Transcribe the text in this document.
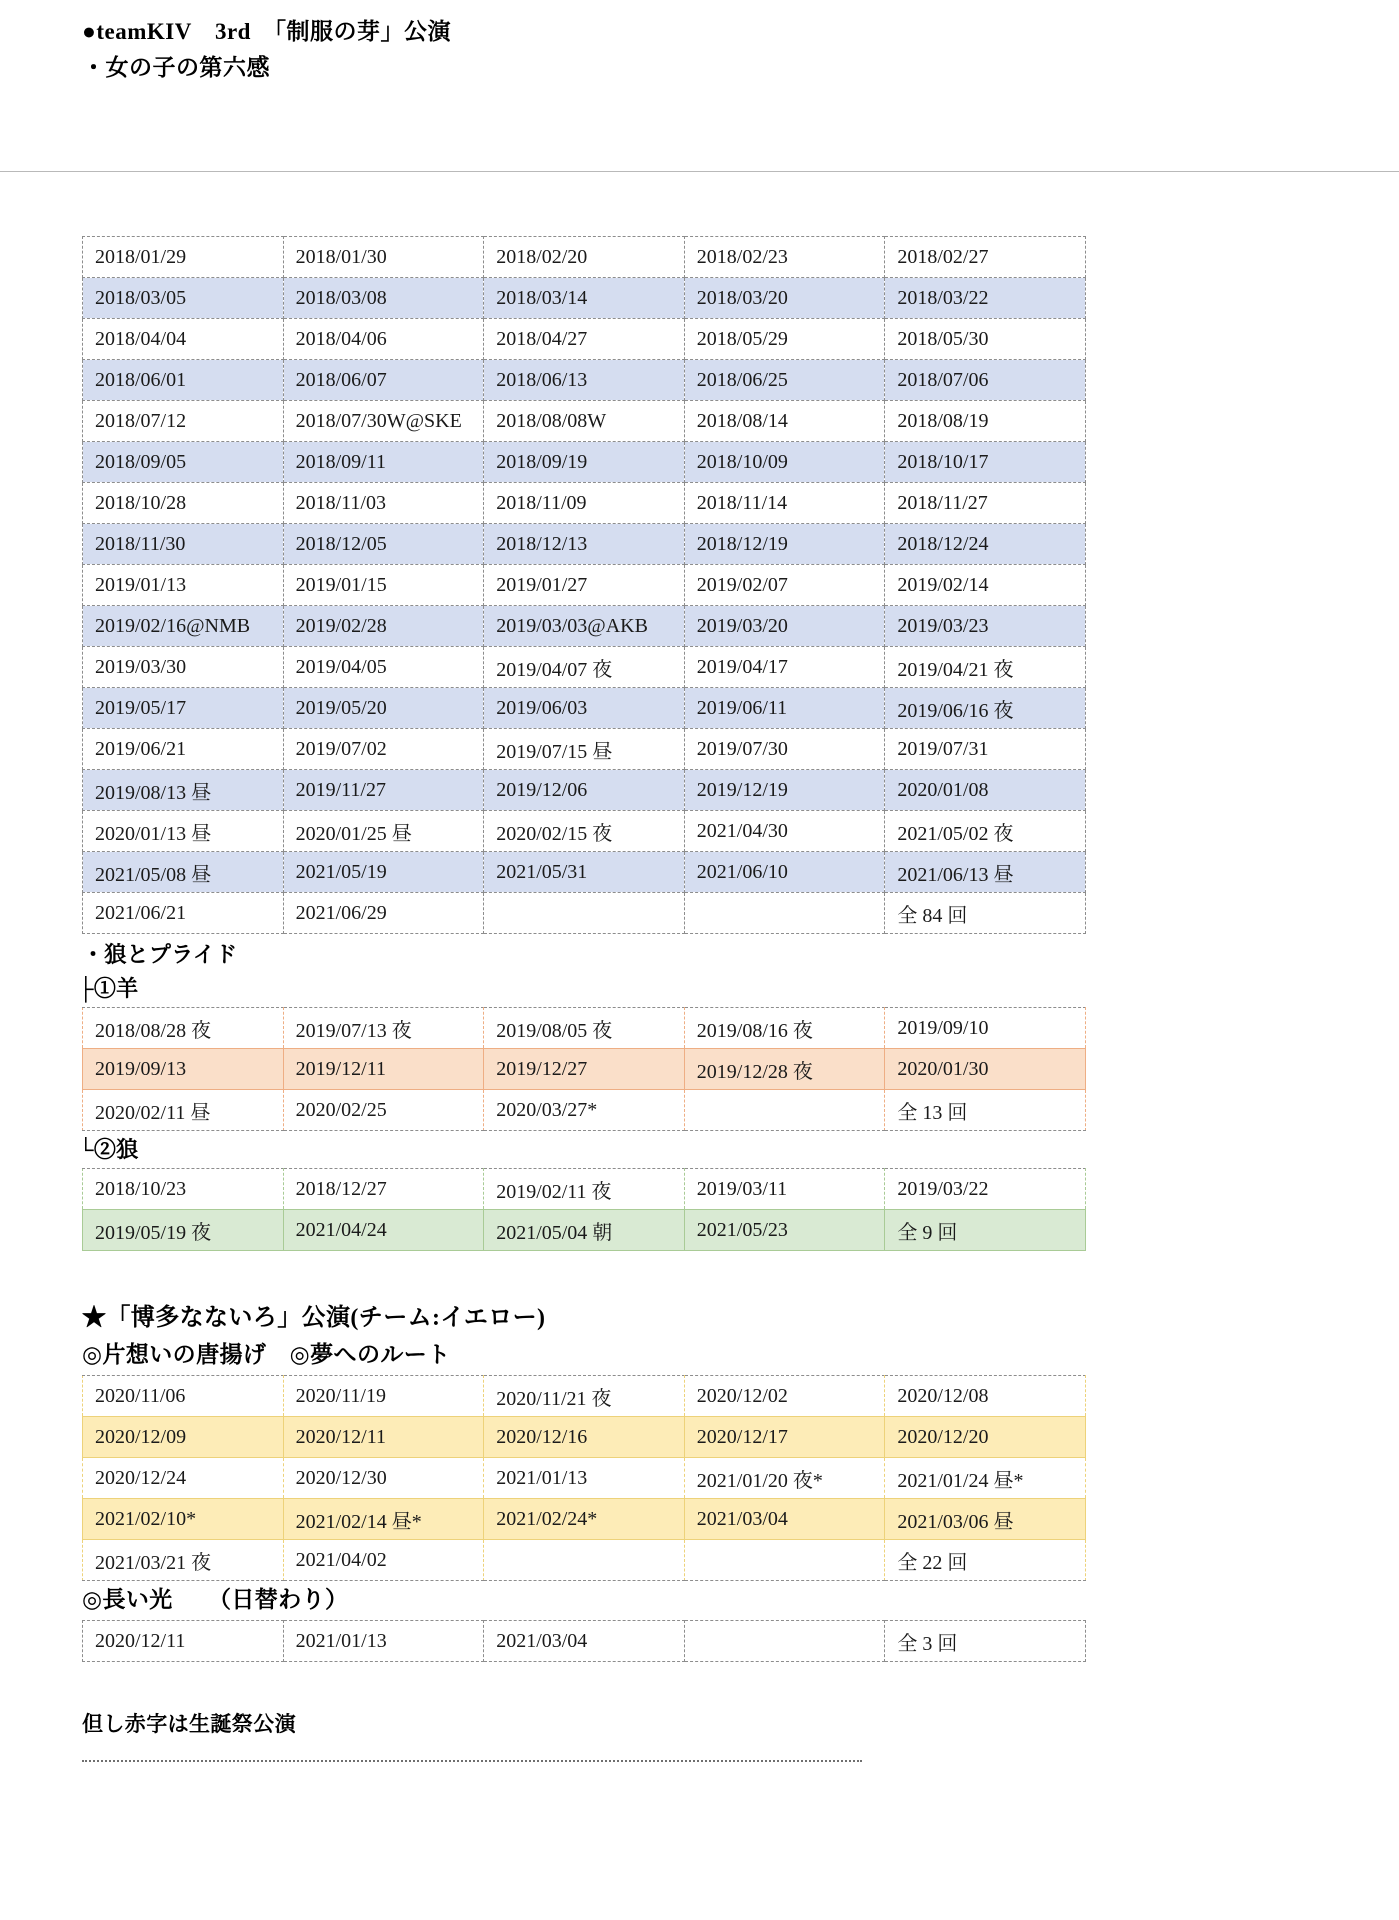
●teamKIV　3rd　「制服の芽」公演
・女の子の第六感
2018/01/29	2018/01/30	2018/02/20	2018/02/23	2018/02/27
2018/03/05	2018/03/08	2018/03/14	2018/03/20	2018/03/22
2018/04/04	2018/04/06	2018/04/27	2018/05/29	2018/05/30
2018/06/01	2018/06/07	2018/06/13	2018/06/25	2018/07/06
2018/07/12	2018/07/30W@SKE	2018/08/08W	2018/08/14	2018/08/19
2018/09/05	2018/09/11	2018/09/19	2018/10/09	2018/10/17
2018/10/28	2018/11/03	2018/11/09	2018/11/14	2018/11/27
2018/11/30	2018/12/05	2018/12/13	2018/12/19	2018/12/24
2019/01/13	2019/01/15	2019/01/27	2019/02/07	2019/02/14
2019/02/16@NMB	2019/02/28	2019/03/03@AKB	2019/03/20	2019/03/23
2019/03/30	2019/04/05	2019/04/07 夜	2019/04/17	2019/04/21 夜
2019/05/17	2019/05/20	2019/06/03	2019/06/11	2019/06/16 夜
2019/06/21	2019/07/02	2019/07/15 昼	2019/07/30	2019/07/31
2019/08/13 昼	2019/11/27	2019/12/06	2019/12/19	2020/01/08
2020/01/13 昼	2020/01/25 昼	2020/02/15 夜	2021/04/30	2021/05/02 夜
2021/05/08 昼	2021/05/19	2021/05/31	2021/06/10	2021/06/13 昼
2021/06/21	2021/06/29			全 84 回
・狼とプライド
├①羊
2018/08/28 夜	2019/07/13 夜	2019/08/05 夜	2019/08/16 夜	2019/09/10
2019/09/13	2019/12/11	2019/12/27	2019/12/28 夜	2020/01/30
2020/02/11 昼	2020/02/25	2020/03/27*		全 13 回
└②狼
2018/10/23	2018/12/27	2019/02/11 夜	2019/03/11	2019/03/22
2019/05/19 夜	2021/04/24	2021/05/04 朝	2021/05/23	全 9 回
★「博多なないろ」公演(チーム:イエロー)
◎片想いの唐揚げ　◎夢へのルート
2020/11/06	2020/11/19	2020/11/21 夜	2020/12/02	2020/12/08
2020/12/09	2020/12/11	2020/12/16	2020/12/17	2020/12/20
2020/12/24	2020/12/30	2021/01/13	2021/01/20 夜*	2021/01/24 昼*
2021/02/10*	2021/02/14 昼*	2021/02/24*	2021/03/04	2021/03/06 昼
2021/03/21 夜	2021/04/02			全 22 回
◎長い光　　（日替わり）
2020/12/11	2021/01/13	2021/03/04		全 3 回
但し赤字は生誕祭公演
